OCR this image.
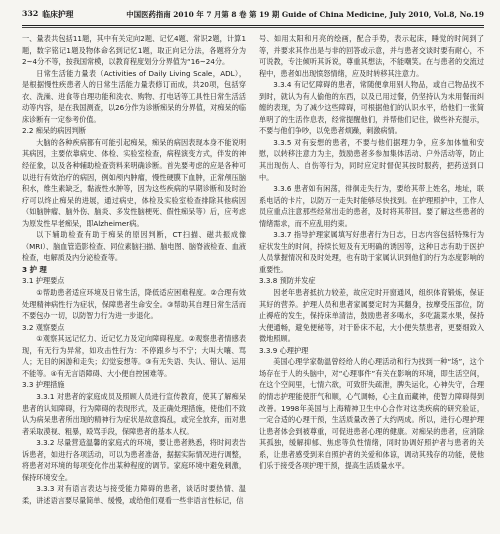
332 临床护理	中国医药指南 2010 年 7 月第 8 卷 第 19 期 Guide of China Medicine, July 2010, Vol.8, No.19

一、量表共包括11题，其中有关定向2题、记忆4题、常识2题，计算1题，数字铭记1题及物体命名到记忆1题，取正向记分法，各题将分为2~4分不等，按我国常模，以教育程度划分分界值为“16~24分。

日常生活能力量表（Activities of Daily Living Scale，ADL），是根据慢性疾患者人的日常生活能力量表修订而成，共20项，包括穿衣、洗澡、进食等自理功能和洗衣、购物、打电话等工具性日常生活活动等内容，是在我国测查，以26分作为诊断痴呆的分界值，对痴呆的临床诊断有一定参考价值。

2.2 痴呆的病因判断

大脑的各种疾病都有可能引起痴呆，痴呆的病因表现本身不能说明其病因，主要依靠病史、体检、实验室检查，病程演变方式，伴发的神经征象，以及各种辅助检查资料来明确诊断。首先要考虑的应是各种可以进行有效治疗的病因，例如颅内肿瘤，慢性硬膜下血肿，正常颅压脑积水，维生素缺乏，黏液性水肿等，因为这些疾病的早期诊断和及时治疗可以终止痴呆的进展，通过病史，体检及实验室检查排除其他病因（如脑肿瘤、脑外伤、脑炎、多发性脑梗死、假性痴呆等）后，应考虑为原发性早老痴呆，即Alzheimer病。

以下辅助检查有助于痴呆的原因判断，CT扫描、磁共振成像（MRI）、脑血管造影检查、同位素脑扫描、脑电图、脑脊液检查、血液检查，电解质及内分泌检查等。

3 护 理
3.1 护理要点

①帮助患者适应环境及日常生活，降低适应困难程度。②合理有效处理精神病性行为症状，保障患者生命安全。③帮助其自理日常生活而不要包办一切，以防智力行为进一步退化。

3.2 观察要点

①观察其远记忆力、近记忆力及定向障碍程度。②观察患者情感表现，有无行为异常，如攻击性行为：不停跟乡与不宁；大叫大嚷、骂人；无目的闲游和走失；幻觉妄想等。③有无失语、失认、错认、运用不能等。④有无言语障碍、大小便自控困难等。

3.3 护理措施

3.3.1 对患者的家庭成员及照顾人员进行宣传教育，使其了解痴呆患者的认知障碍，行为障碍的表现形式，及正确处理措施，使他们不致认为病呆患者所出现的精神行为症状是故意捣乱，或完全放弃，而对患者采取漠视、粗暴，殴骂手段，保障患者的基本人权。

3.3.2 尽量营造温馨的家庭式的环境，要让患者熟悉，将时间表告诉患者，如进行各项活动，可以为患者准备，据据实际情况进行调整，将患者对环境的每项变化作出某种程度的调节。家庭环境中避免刺激，保持环境安全。

3.3.3 对有语言表达与接受能力障碍的患者，谈话时要热情、温柔，讲述语言要尽量简单、缓慢，或给他们观看一些非语言性标记，信

号、如用太阳和月亮的绘画，配合手势，表示起床，睡觉的时间到了等，并要求其作出是与非的回答或示意，并与患者交谈时要有耐心，不可说教，专注倾听其诉说，尊重其想法，不能嘲笑。在与患者的交流过程中，患者如出现愤怒情绪，应及时转移其注意力。

3.3.4 有记忆障碍的患者，常随便拿用别人物品，或自己物品找不到时，就认为有人偷他的东西，以及已用过餐，仍坚持认为未用餐而纠缠的表现，为了减少这些障碍，可根据他们的认识水平，给他们一张简单明了的生活作息表，经常提醒他们，并帮他们记住，做些补充提示，不要与他们争吵，以免患者烦躁，刺激病情。

3.3.5 对有妄想的患者，不要与他们据理力争，应多加体恤和安慰，以转移注意力为主，鼓励患者多参加集体活动、户外活动等，防止其出现伤人、自伤等行为，同时应定时督促其按时服药，把药送到口中。

3.3.6 患者如有闲荡，徘徊走失行为，要给其带上姓名，地址，联系电话的卡片，以防万一走失时能够尽快找到。在护理照护中，工作人员应重点注意那些经常出走的患者，及时将其带回。要了解这些患者的情绪需求，而不应乱用约束。

3.3.7 指导护理家属填写好患者行为日志，日志内容包括特殊行为症状发生的时间，持续长短及有无明确的诱因等，这种日志有助于医护人员掌握情况和及时处理，也有助于家属认识到他们的行为态度影响的重要性。

3.3.8 预防并发症

因老年患者抵抗力较差，故应定时开窗通风，组织体育锻炼，保证其好的营养。护理人员和患者家属要定时为其翻身，按摩受压部位，防止褥疮的发生，保持床单清洁，鼓励患者多喝水，多吃蔬菜水果，保持大便通畅，避免便秘等，对于卧床不起，大小便失禁患者，更要细致入微地照顾。

3.3.9 心理护理

美国心理学家勒温曾经给人的心理活动和行为找到一种“场”，这个场存在于人的头脑中，对“心理事件”有关在影响的环境，即生活空间，在这个空间里，七情六欲，可致肝失疏泄，脾失运化，心神失守，合理的情志护理能使肝气和顺，心气调畅，心主血而藏神，使智力障碍得到改善。1998年美国与上海精神卫生中心合作对这类疾病的研究验证，一定合适的心理干预，生活质量改善了大约两成。所以，进行心理护理让患者体会到被尊重，可促进患者心理的健康。对痴呆的患者，应消除其孤独，缓解抑郁、焦虑等负性情绪，同时协调好照护者与患者的关系，让患者感受到来自照护者的关爱和体谅，调动其残存的功能，使他们乐于接受各项护理干预，提高生活质量水平。
